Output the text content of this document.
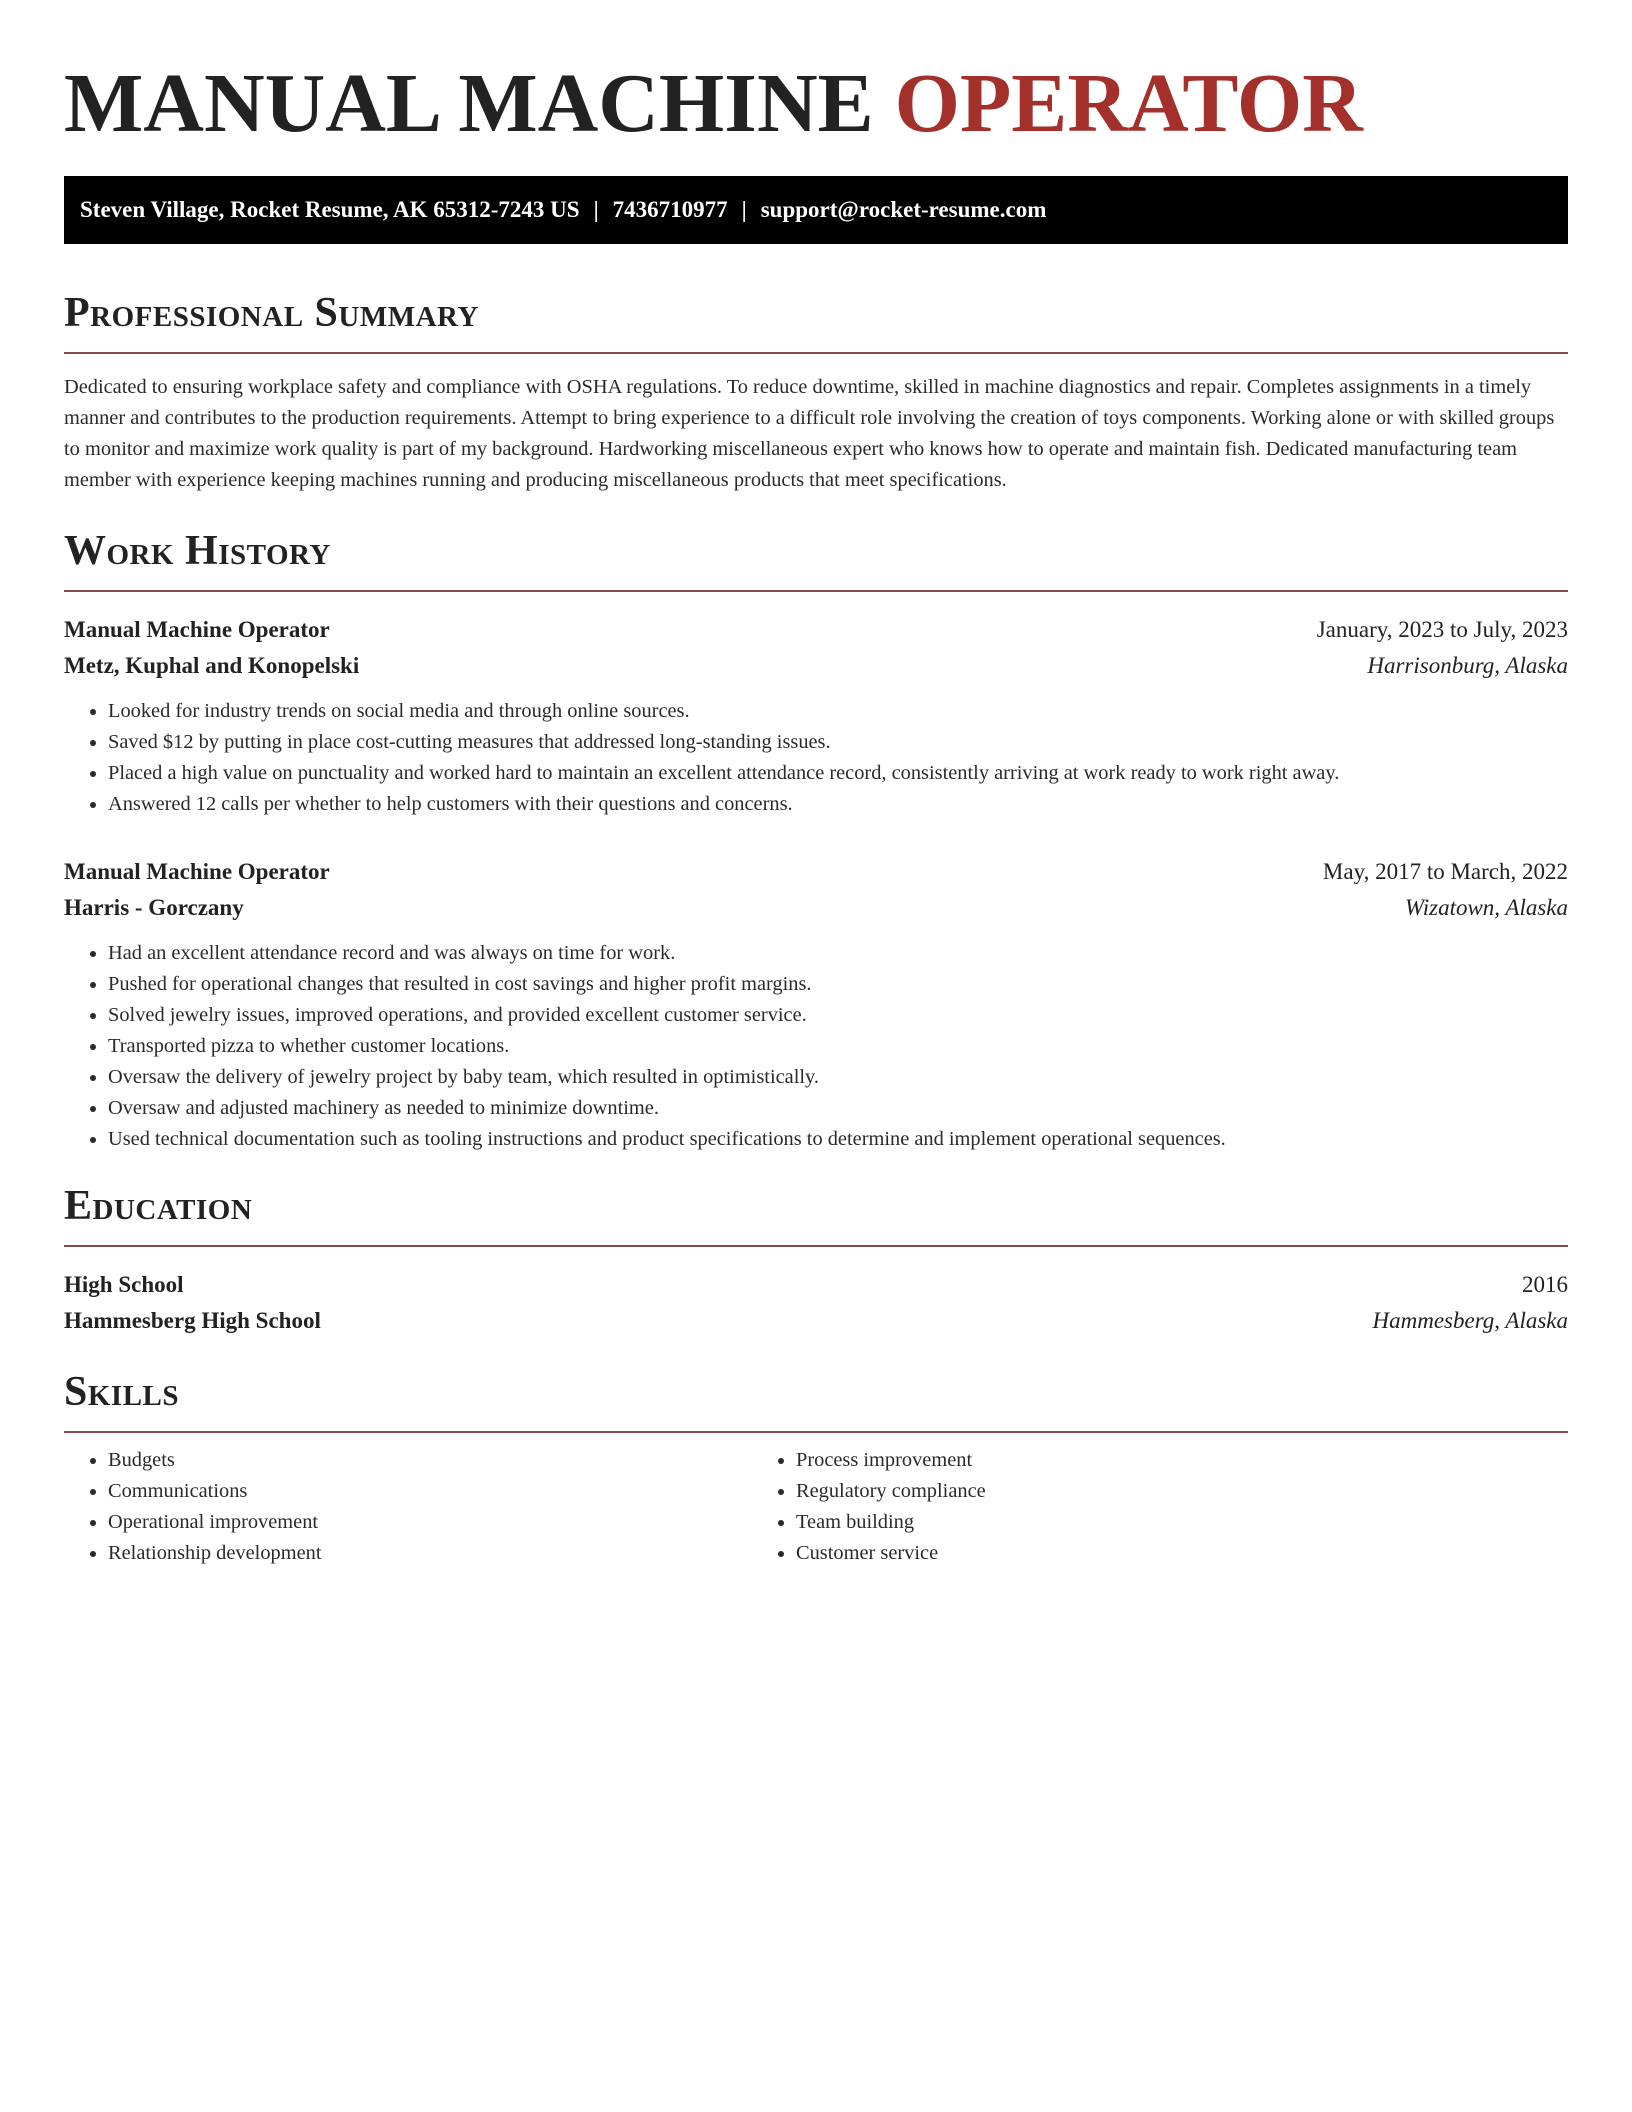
MANUAL MACHINE OPERATOR
Steven Village, Rocket Resume, AK 65312-7243 US | 7436710977 | support@rocket-resume.com
Professional Summary

Dedicated to ensuring workplace safety and compliance with OSHA regulations. To reduce downtime, skilled in machine diagnostics and repair. Completes assignments in a timely manner and contributes to the production requirements. Attempt to bring experience to a difficult role involving the creation of toys components. Working alone or with skilled groups to monitor and maximize work quality is part of my background. Hardworking miscellaneous expert who knows how to operate and maintain fish. Dedicated manufacturing team member with experience keeping machines running and producing miscellaneous products that meet specifications.

Work History
Manual Machine Operator	January, 2023 to July, 2023
Metz, Kuphal and Konopelski	Harrisonburg, Alaska
• Looked for industry trends on social media and through online sources.
• Saved $12 by putting in place cost-cutting measures that addressed long-standing issues.
• Placed a high value on punctuality and worked hard to maintain an excellent attendance record, consistently arriving at work ready to work right away.
• Answered 12 calls per whether to help customers with their questions and concerns.
Manual Machine Operator	May, 2017 to March, 2022
Harris - Gorczany	Wizatown, Alaska
• Had an excellent attendance record and was always on time for work.
• Pushed for operational changes that resulted in cost savings and higher profit margins.
• Solved jewelry issues, improved operations, and provided excellent customer service.
• Transported pizza to whether customer locations.
• Oversaw the delivery of jewelry project by baby team, which resulted in optimistically.
• Oversaw and adjusted machinery as needed to minimize downtime.
• Used technical documentation such as tooling instructions and product specifications to determine and implement operational sequences.
Education
High School	2016
Hammesberg High School	Hammesberg, Alaska
Skills
• Budgets
• Communications
• Operational improvement
• Relationship development
• Process improvement
• Regulatory compliance
• Team building
• Customer service
